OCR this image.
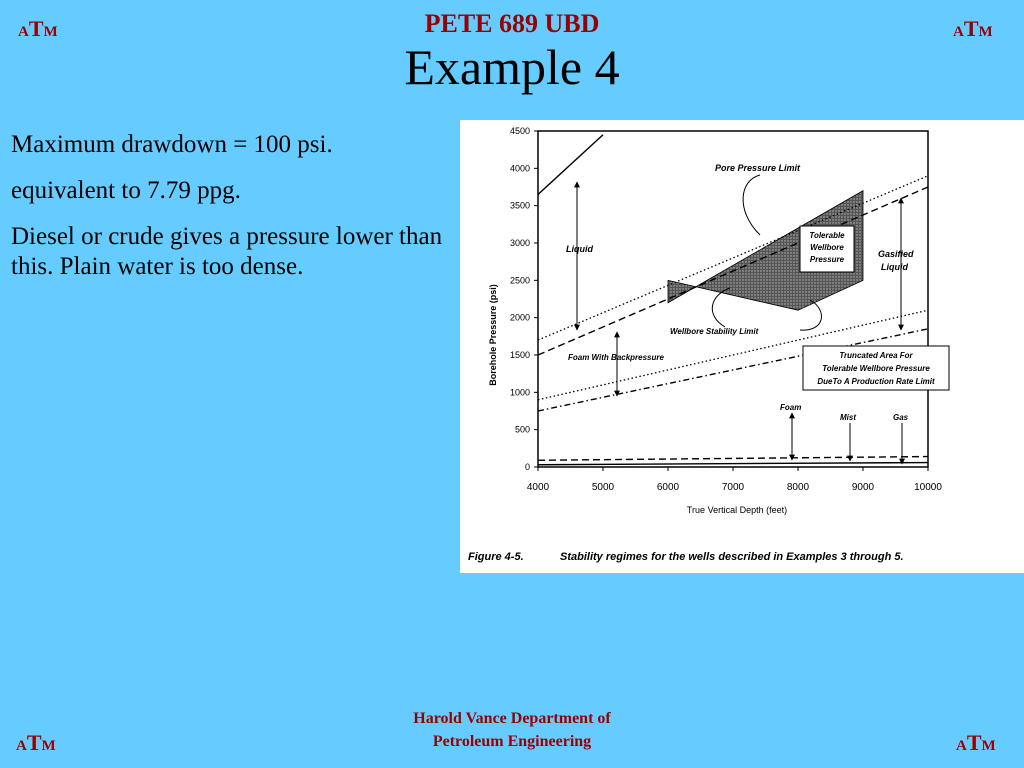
ATM	ATM
ATM	ATM
PETE 689 UBD
Example 4

Maximum drawdown = 100 psi.

equivalent to 7.79 ppg.

Diesel or crude gives a pressure lower than this. Plain water is too dense.

4000	5000	6000	7000	8000	9000	10000
0
500
1000
1500
2000
2500
3000
3500
4000
4500
Pore Pressure Limit
Liquid	Gasified
Liquid
Tolerable
Wellbore
Pressure
Wellbore Stability Limit
Foam With Backpressure	Truncated Area For
Tolerable Wellbore Pressure
DueTo A Production Rate Limit
Foam
Mist	Gas
True Vertical Depth (feet)
Borehole Pressure (psi)
Figure 4-5.	Stability regimes for the wells described in Examples 3 through 5.
Harold Vance Department of
Petroleum Engineering
